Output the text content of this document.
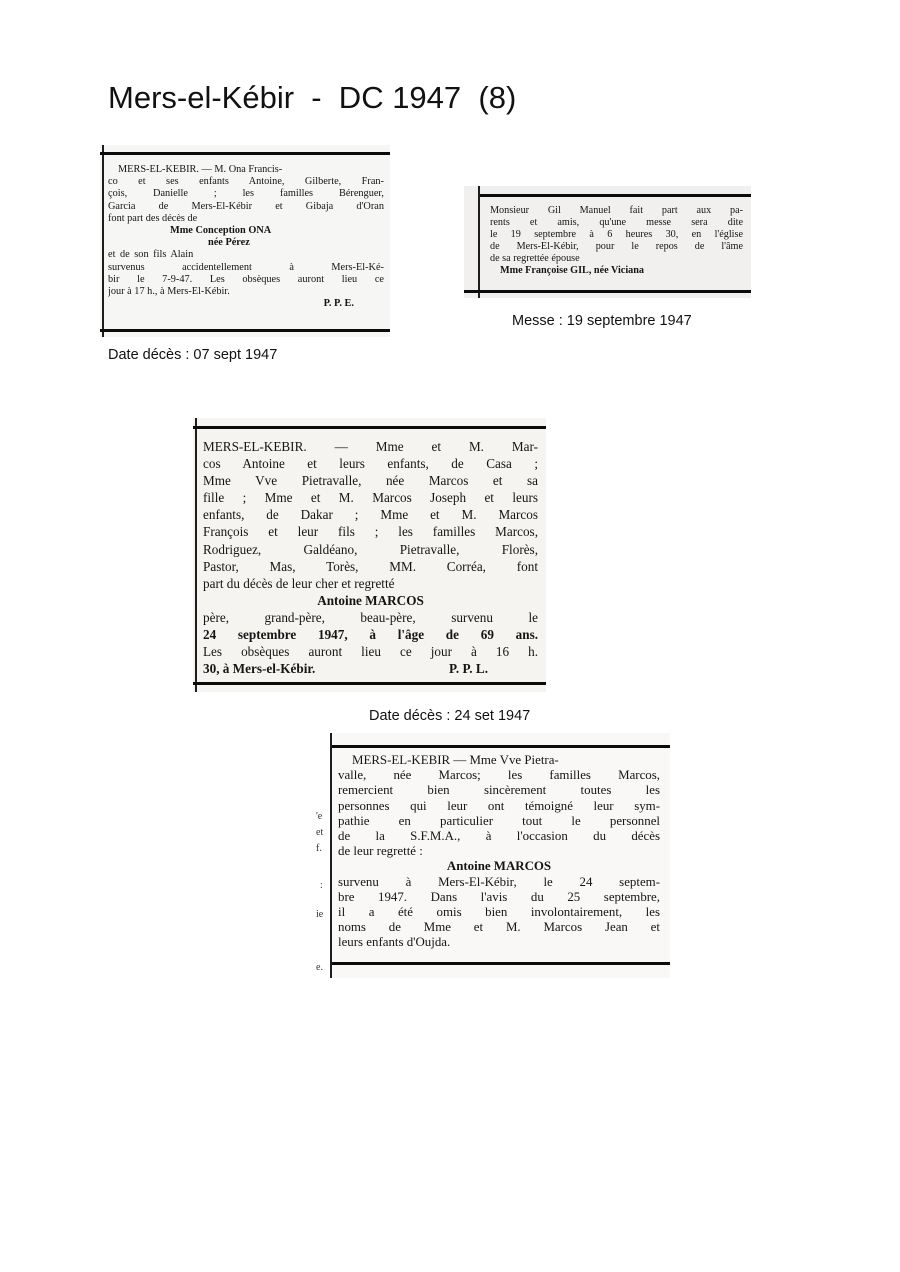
Mers-el-Kébir  -  DC 1947  (8)
MERS-EL-KEBIR. — M. Ona Francis-
co et ses enfants Antoine, Gilberte, Fran-
çois, Danielle ; les familles Bérenguer,
Garcia de Mers-El-Kébir et Gibaja d'Oran
font part des décès de
Mme Conception ONA
née Pérez
et de son fils Alain
survenus accidentellement à Mers-El-Ké-
bir le 7-9-47. Les obsèques auront lieu ce
jour à 17 h., à Mers-El-Kébir.
P. P. E.
Date décès : 07 sept 1947
Monsieur Gil Manuel fait part aux pa-
rents et amis, qu'une messe sera dite
le 19 septembre à 6 heures 30, en l'église
de Mers-El-Kébir, pour le repos de l'âme
de sa regrettée épouse
Mme Françoise GIL, née Viciana
Messe : 19 septembre 1947
MERS-EL-KEBIR. — Mme et M. Mar-
cos Antoine et leurs enfants, de Casa ;
Mme Vve Pietravalle, née Marcos et sa
fille ; Mme et M. Marcos Joseph et leurs
enfants, de Dakar ; Mme et M. Marcos
François et leur fils ; les familles Marcos,
Rodriguez, Galdéano, Pietravalle, Florès,
Pastor, Mas, Torès, MM. Corréa, font
part du décès de leur cher et regretté
Antoine MARCOS
père, grand-père, beau-père, survenu le
24 septembre 1947, à l'âge de 69 ans.
Les obsèques auront lieu ce jour à 16 h.
30, à Mers-el-Kébir.	P. P. L.
Date décès : 24 set 1947
'e
et
f.
:
ie
e.
MERS-EL-KEBIR — Mme Vve Pietra-
valle, née Marcos; les familles Marcos,
remercient bien sincèrement toutes les
personnes qui leur ont témoigné leur sym-
pathie en particulier tout le personnel
de la S.F.M.A., à l'occasion du décès
de leur regretté :
Antoine MARCOS
survenu à Mers-El-Kébir, le 24 septem-
bre 1947. Dans l'avis du 25 septembre,
il a été omis bien involontairement, les
noms de Mme et M. Marcos Jean et
leurs enfants d'Oujda.
